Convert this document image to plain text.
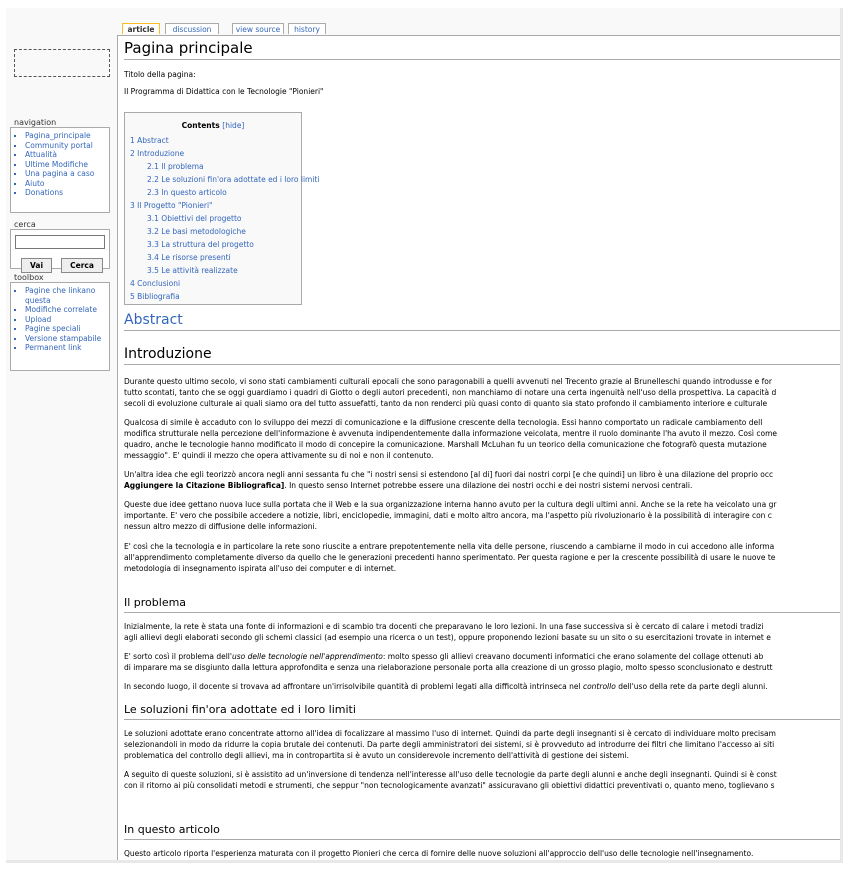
navigation
▪ Pagina_principale
▪ Community portal
▪ Attualità
▪ Ultime Modifiche
▪ Una pagina a caso
▪ Aiuto
▪ Donations
cerca
Vai	Cerca
toolbox
▪ Pagine che linkano questa
▪ Modifiche correlate
▪ Upload
▪ Pagine speciali
▪ Versione stampabile
▪ Permanent link
article	discussion	view source	history
Pagina principale
Titolo della pagina:
Il Programma di Didattica con le Tecnologie "Pionieri"
Contents [hide]
1 Abstract
2 Introduzione
2.1 Il problema
2.2 Le soluzioni fin'ora adottate ed i loro limiti
2.3 In questo articolo
3 Il Progetto "Pionieri"
3.1 Obiettivi del progetto
3.2 Le basi metodologiche
3.3 La struttura del progetto
3.4 Le risorse presenti
3.5 Le attività realizzate
4 Conclusioni
5 Bibliografia
Abstract
Introduzione
Durante questo ultimo secolo, vi sono stati cambiamenti culturali epocali che sono paragonabili a quelli avvenuti nel Trecento grazie al Brunelleschi quando introdusse e for
tutto scontati, tanto che se oggi guardiamo i quadri di Giotto o degli autori precedenti, non manchiamo di notare una certa ingenuità nell'uso della prospettiva. La capacità d
secoli di evoluzione culturale ai quali siamo ora del tutto assuefatti, tanto da non renderci più quasi conto di quanto sia stato profondo il cambiamento interiore e culturale
Qualcosa di simile è accaduto con lo sviluppo dei mezzi di comunicazione e la diffusione crescente della tecnologia. Essi hanno comportato un radicale cambiamento dell
modifica strutturale nella percezione dell'informazione è avvenuta indipendentemente dalla informazione veicolata, mentre il ruolo dominante l'ha avuto il mezzo. Così come
quadro, anche le tecnologie hanno modificato il modo di concepire la comunicazione. Marshall McLuhan fu un teorico della comunicazione che fotografò questa mutazione
messaggio". E' quindi il mezzo che opera attivamente su di noi e non il contenuto.
Un'altra idea che egli teorizzò ancora negli anni sessanta fu che "i nostri sensi si estendono [al di] fuori dai nostri corpi [e che quindi] un libro è una dilazione del proprio occ
Aggiungere la Citazione Bibliografica]. In questo senso Internet potrebbe essere una dilazione dei nostri occhi e dei nostri sistemi nervosi centrali.
Queste due idee gettano nuova luce sulla portata che il Web e la sua organizzazione interna hanno avuto per la cultura degli ultimi anni. Anche se la rete ha veicolato una gr
importante. E' vero che possibile accedere a notizie, libri, enciclopedie, immagini, dati e molto altro ancora, ma l'aspetto più rivoluzionario è la possibilità di interagire con c
nessun altro mezzo di diffusione delle informazioni.
E' così che la tecnologia e in particolare la rete sono riuscite a entrare prepotentemente nella vita delle persone, riuscendo a cambiarne il modo in cui accedono alle informa
all'apprendimento completamente diverso da quello che le generazioni precedenti hanno sperimentato. Per questa ragione e per la crescente possibilità di usare le nuove te
metodologia di insegnamento ispirata all'uso dei computer e di internet.
Il problema
Inizialmente, la rete è stata una fonte di informazioni e di scambio tra docenti che preparavano le loro lezioni. In una fase successiva si è cercato di calare i metodi tradizi
agli allievi degli elaborati secondo gli schemi classici (ad esempio una ricerca o un test), oppure proponendo lezioni basate su un sito o su esercitazioni trovate in internet e
E' sorto così il problema dell'uso delle tecnologie nell'apprendimento: molto spesso gli allievi creavano documenti informatici che erano solamente del collage ottenuti ab
di imparare ma se disgiunto dalla lettura approfondita e senza una rielaborazione personale porta alla creazione di un grosso plagio, molto spesso sconclusionato e destrutt
In secondo luogo, il docente si trovava ad affrontare un'irrisolvibile quantità di problemi legati alla difficoltà intrinseca nel controllo dell'uso della rete da parte degli alunni.
Le soluzioni fin'ora adottate ed i loro limiti
Le soluzioni adottate erano concentrate attorno all'idea di focalizzare al massimo l'uso di internet. Quindi da parte degli insegnanti si è cercato di individuare molto precisam
selezionandoli in modo da ridurre la copia brutale dei contenuti. Da parte degli amministratori dei sistemi, si è provveduto ad introdurre dei filtri che limitano l'accesso ai siti
problematica del controllo degli allievi, ma in contropartita si è avuto un considerevole incremento dell'attività di gestione dei sistemi.
A seguito di queste soluzioni, si è assistito ad un'inversione di tendenza nell'interesse all'uso delle tecnologie da parte degli alunni e anche degli insegnanti. Quindi si è const
con il ritorno ai più consolidati metodi e strumenti, che seppur "non tecnologicamente avanzati" assicuravano gli obiettivi didattici preventivati o, quanto meno, toglievano s
In questo articolo
Questo articolo riporta l'esperienza maturata con il progetto Pionieri che cerca di fornire delle nuove soluzioni all'approccio dell'uso delle tecnologie nell'insegnamento.
